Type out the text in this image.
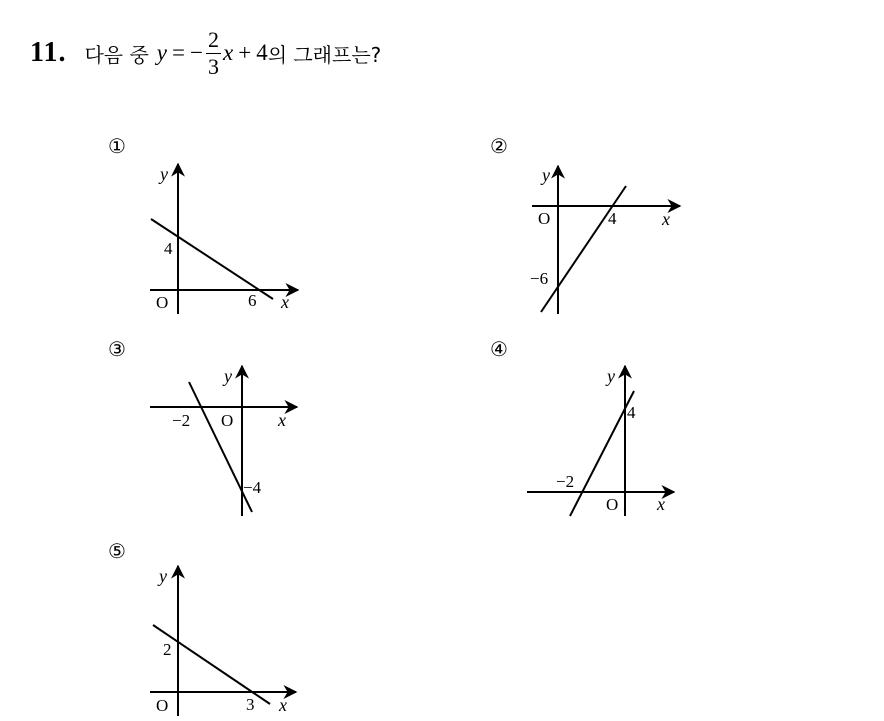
11. 다음 중 y = − $\frac{2}{3}$ x + 4 의 그래프는?
①
y
x
O
4
6
②
y
x
O	4
−6
③
y
x
O
−2
−4
④
y
x
O
4
−2
⑤
y
x
O
2
3
